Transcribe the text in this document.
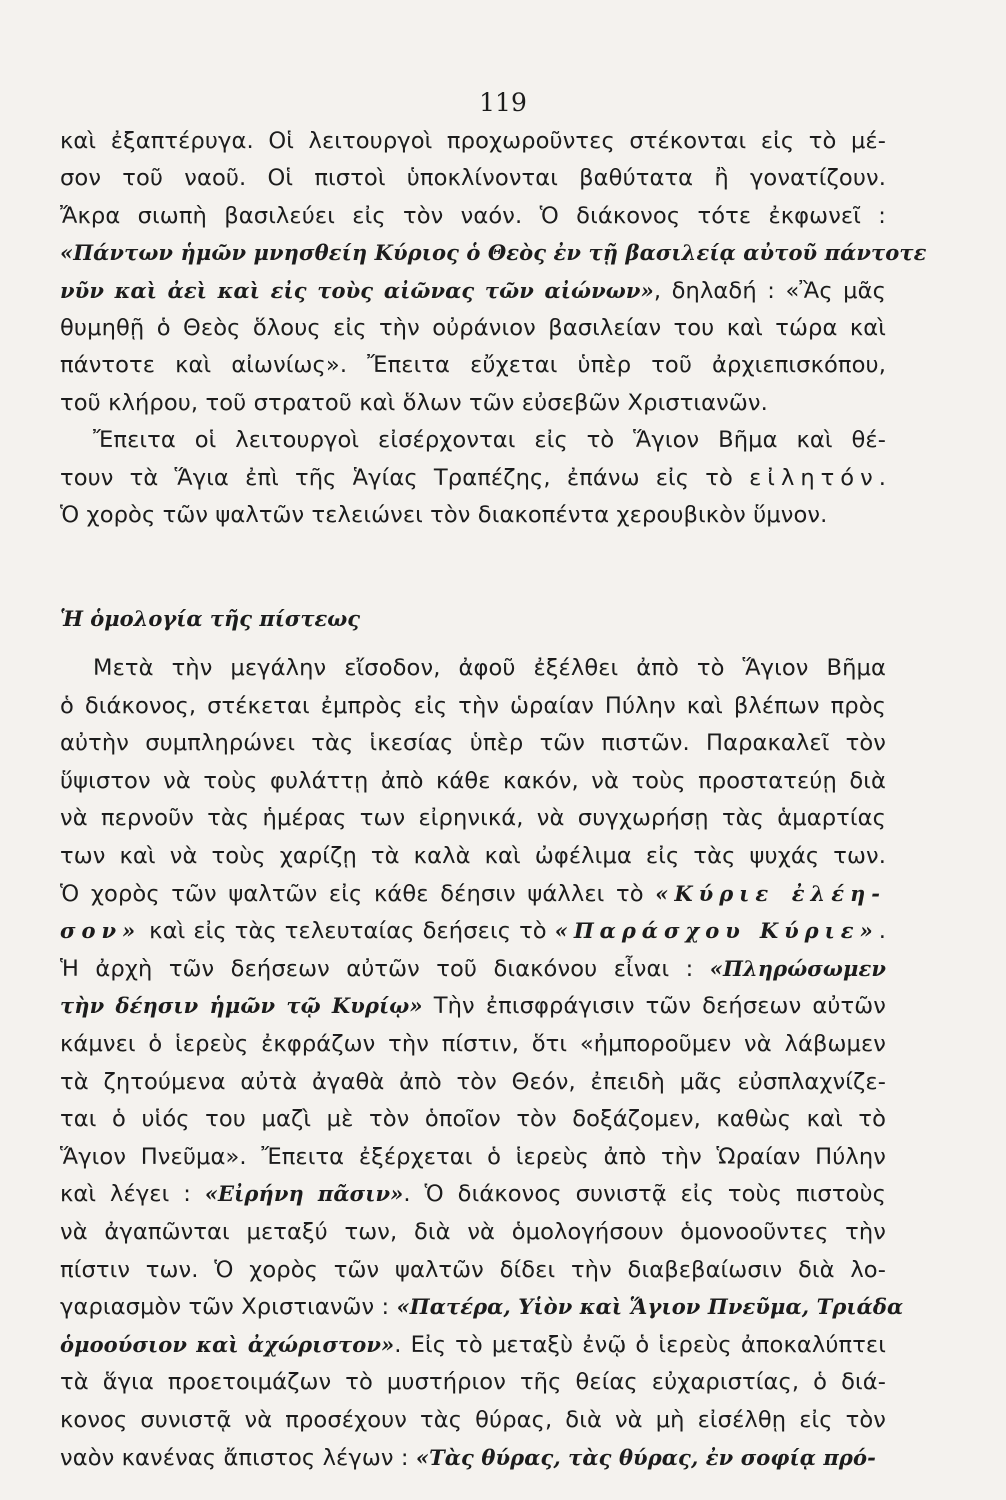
119
καὶ ἐξαπτέρυγα. Οἱ λειτουργοὶ προχωροῦντες στέκονται εἰς τὸ μέ-
σον τοῦ ναοῦ. Οἱ πιστοὶ ὑποκλίνονται βαθύτατα ἢ γονατίζουν.
Ἄκρα σιωπὴ βασιλεύει εἰς τὸν ναόν. Ὁ διάκονος τότε ἐκφωνεῖ :
«Πάντων ἡμῶν μνησθείη Κύριος ὁ Θεὸς ἐν τῇ βασιλείᾳ αὐτοῦ πάντοτε
νῦν καὶ ἀεὶ καὶ εἰς τοὺς αἰῶνας τῶν αἰώνων», δηλαδή : «Ἂς μᾶς
θυμηθῇ ὁ Θεὸς ὅλους εἰς τὴν οὐράνιον βασιλείαν του καὶ τώρα καὶ
πάντοτε καὶ αἰωνίως». Ἔπειτα εὔχεται ὑπὲρ τοῦ ἀρχιεπισκόπου,
τοῦ κλήρου, τοῦ στρατοῦ καὶ ὅλων τῶν εὐσεβῶν Χριστιανῶν.
Ἔπειτα οἱ λειτουργοὶ εἰσέρχονται εἰς τὸ Ἅγιον Βῆμα καὶ θέ-
τουν τὰ Ἅγια ἐπὶ τῆς Ἁγίας Τραπέζης, ἐπάνω εἰς τὸ εἰλητόν.
Ὁ χορὸς τῶν ψαλτῶν τελειώνει τὸν διακοπέντα χερουβικὸν ὕμνον.
Ἡ ὁμολογία τῆς πίστεως
Μετὰ τὴν μεγάλην εἴσοδον, ἀφοῦ ἐξέλθει ἀπὸ τὸ Ἅγιον Βῆμα
ὁ διάκονος, στέκεται ἐμπρὸς εἰς τὴν ὡραίαν Πύλην καὶ βλέπων πρὸς
αὐτὴν συμπληρώνει τὰς ἱκεσίας ὑπὲρ τῶν πιστῶν. Παρακαλεῖ τὸν
ὕψιστον νὰ τοὺς φυλάττῃ ἀπὸ κάθε κακόν, νὰ τοὺς προστατεύῃ διὰ
νὰ περνοῦν τὰς ἡμέρας των εἰρηνικά, νὰ συγχωρήσῃ τὰς ἁμαρτίας
των καὶ νὰ τοὺς χαρίζῃ τὰ καλὰ καὶ ὠφέλιμα εἰς τὰς ψυχάς των.
Ὁ χορὸς τῶν ψαλτῶν εἰς κάθε δέησιν ψάλλει τὸ «Κύριε ἐλέη-
σον» καὶ εἰς τὰς τελευταίας δεήσεις τὸ «Παράσχου Κύριε».
Ἡ ἀρχὴ τῶν δεήσεων αὐτῶν τοῦ διακόνου εἶναι : «Πληρώσωμεν
τὴν δέησιν ἡμῶν τῷ Κυρίῳ» Τὴν ἐπισφράγισιν τῶν δεήσεων αὐτῶν
κάμνει ὁ ἱερεὺς ἐκφράζων τὴν πίστιν, ὅτι «ἠμποροῦμεν νὰ λάβωμεν
τὰ ζητούμενα αὐτὰ ἀγαθὰ ἀπὸ τὸν Θεόν, ἐπειδὴ μᾶς εὐσπλαχνίζε-
ται ὁ υἱός του μαζὶ μὲ τὸν ὁποῖον τὸν δοξάζομεν, καθὼς καὶ τὸ
Ἅγιον Πνεῦμα». Ἔπειτα ἐξέρχεται ὁ ἱερεὺς ἀπὸ τὴν Ὡραίαν Πύλην
καὶ λέγει : «Εἰρήνη πᾶσιν». Ὁ διάκονος συνιστᾷ εἰς τοὺς πιστοὺς
νὰ ἀγαπῶνται μεταξύ των, διὰ νὰ ὁμολογήσουν ὁμονοοῦντες τὴν
πίστιν των. Ὁ χορὸς τῶν ψαλτῶν δίδει τὴν διαβεβαίωσιν διὰ λο-
γαριασμὸν τῶν Χριστιανῶν : «Πατέρα, Υἱὸν καὶ Ἅγιον Πνεῦμα, Τριάδα
ὁμοούσιον καὶ ἀχώριστον». Εἰς τὸ μεταξὺ ἐνῷ ὁ ἱερεὺς ἀποκαλύπτει
τὰ ἅγια προετοιμάζων τὸ μυστήριον τῆς θείας εὐχαριστίας, ὁ διά-
κονος συνιστᾷ νὰ προσέχουν τὰς θύρας, διὰ νὰ μὴ εἰσέλθῃ εἰς τὸν
ναὸν κανένας ἄπιστος λέγων : «Τὰς θύρας, τὰς θύρας, ἐν σοφίᾳ πρό-
